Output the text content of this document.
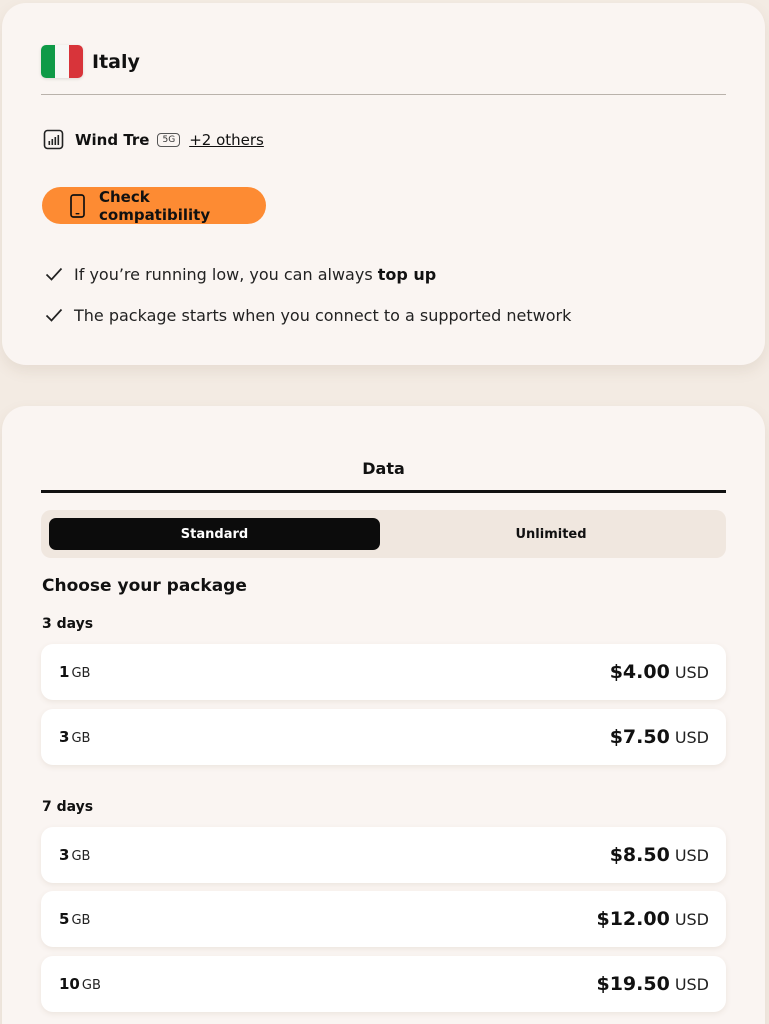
Italy
Wind Tre	5G +2 others
Check compatibility
If you’re running low, you can always top up
The package starts when you connect to a supported network
Data
Standard	Unlimited
Choose your package
3 days
1 GB	$4.00 USD
3 GB	$7.50 USD
7 days
3 GB	$8.50 USD
5 GB	$12.00 USD
10 GB	$19.50 USD
